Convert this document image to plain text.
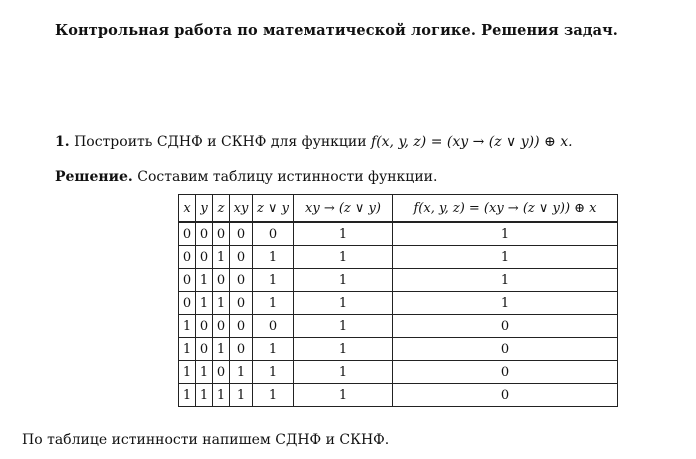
Контрольная работа по математической логике. Решения задач.
1. Построить СДНФ и СКНФ для функции f(x, y, z) = (xy → (z ∨ y)) ⊕ x.
Решение. Составим таблицу истинности функции.
x	y	z	xy	z ∨ y	xy → (z ∨ y)	f(x, y, z) = (xy → (z ∨ y)) ⊕ x
0	0	0	0	0	1	1
0	0	1	0	1	1	1
0	1	0	0	1	1	1
0	1	1	0	1	1	1
1	0	0	0	0	1	0
1	0	1	0	1	1	0
1	1	0	1	1	1	0
1	1	1	1	1	1	0
По таблице истинности напишем СДНФ и СКНФ.
